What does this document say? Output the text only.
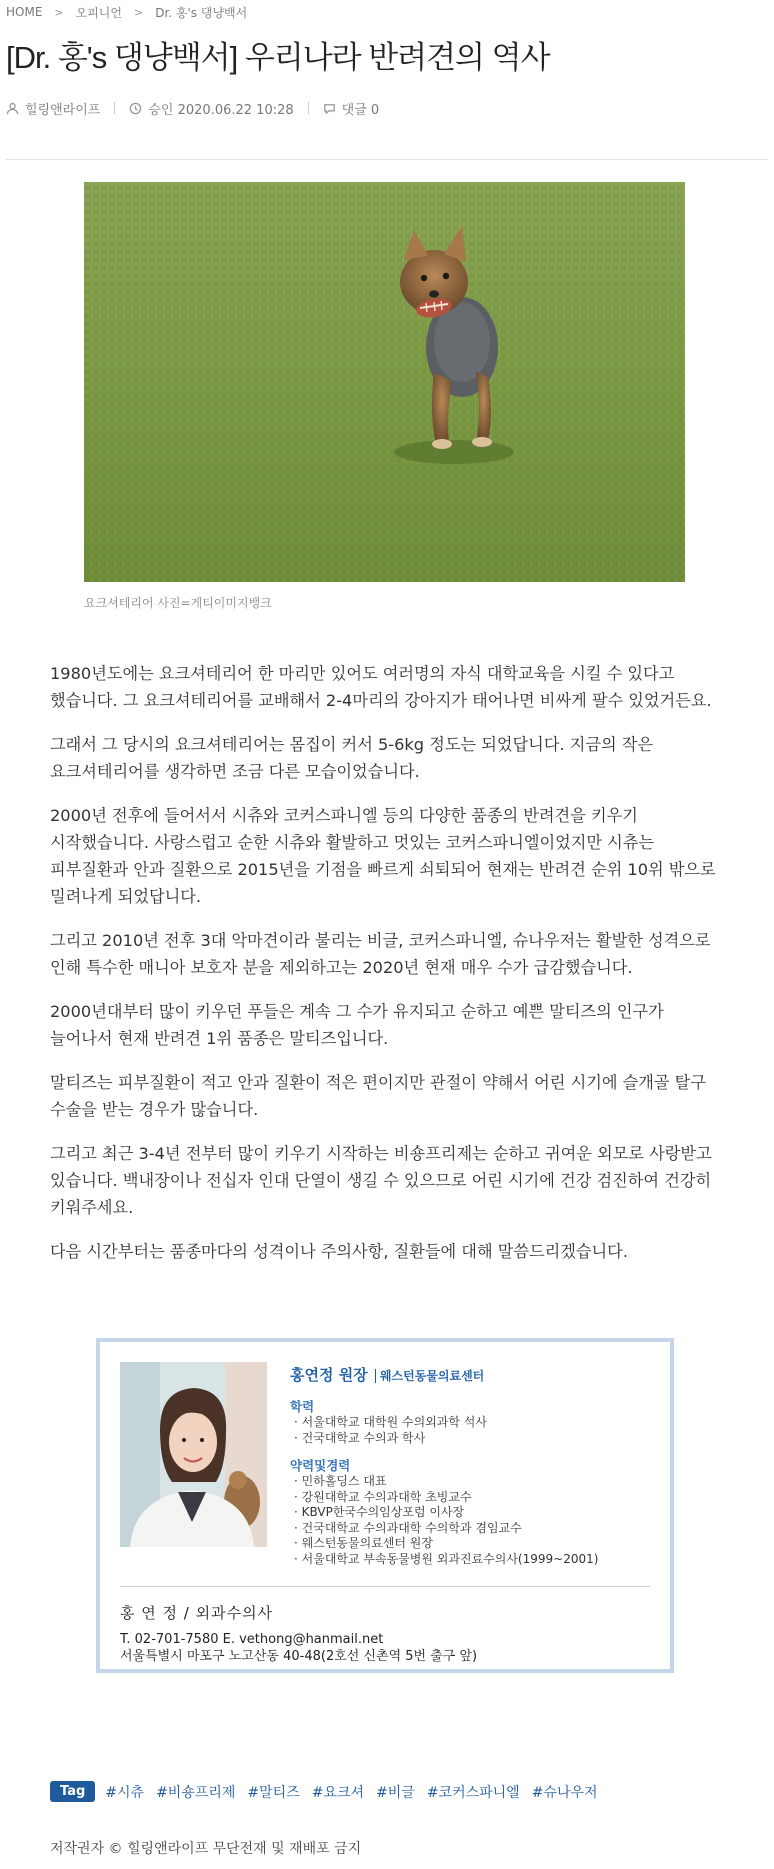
HOME > 오피니언 > Dr. 홍's 댕냥백서
[Dr. 홍's 댕냥백서] 우리나라 반려견의 역사
힐링앤라이프	승인 2020.06.22 10:28	댓글 0
요크셔테리어 사진=게티이미지뱅크

1980년도에는 요크셔테리어 한 마리만 있어도 여러명의 자식 대학교육을 시킬 수 있다고 했습니다. 그 요크셔테리어를 교배해서 2-4마리의 강아지가 태어나면 비싸게 팔수 있었거든요.

그래서 그 당시의 요크셔테리어는 몸집이 커서 5-6kg 정도는 되었답니다. 지금의 작은 요크셔테리어를 생각하면 조금 다른 모습이었습니다.

2000년 전후에 들어서서 시츄와 코커스파니엘 등의 다양한 품종의 반려견을 키우기 시작했습니다. 사랑스럽고 순한 시츄와 활발하고 멋있는 코커스파니엘이었지만 시츄는 피부질환과 안과 질환으로 2015년을 기점을 빠르게 쇠퇴되어 현재는 반려견 순위 10위 밖으로 밀려나게 되었답니다.

그리고 2010년 전후 3대 악마견이라 불리는 비글, 코커스파니엘, 슈나우저는 활발한 성격으로 인해 특수한 매니아 보호자 분을 제외하고는 2020년 현재 매우 수가 급감했습니다.

2000년대부터 많이 키우던 푸들은 계속 그 수가 유지되고 순하고 예쁜 말티즈의 인구가 늘어나서 현재 반려견 1위 품종은 말티즈입니다.

말티즈는 피부질환이 적고 안과 질환이 적은 편이지만 관절이 약해서 어린 시기에 슬개골 탈구 수술을 받는 경우가 많습니다.

그리고 최근 3-4년 전부터 많이 키우기 시작하는 비숑프리제는 순하고 귀여운 외모로 사랑받고 있습니다. 백내장이나 전십자 인대 단열이 생길 수 있으므로 어린 시기에 건강 검진하여 건강히 키워주세요.

다음 시간부터는 품종마다의 성격이나 주의사항, 질환들에 대해 말씀드리겠습니다.

홍연정 원장 웨스턴동물의료센터
학력
· 서울대학교 대학원 수의외과학 석사
· 건국대학교 수의과 학사
약력및경력
· 민하홀딩스 대표
· 강원대학교 수의과대학 초빙교수
· KBVP한국수의임상포럼 이사장
· 건국대학교 수의과대학 수의학과 겸임교수
· 웨스턴동물의료센터 원장
· 서울대학교 부속동물병원 외과진료수의사(1999~2001)
홍 연 정 / 외과수의사
T. 02-701-7580 E. vethong@hanmail.net
서울특별시 마포구 노고산동 40-48(2호선 신촌역 5번 출구 앞)
Tag	#시츄 #비숑프리제 #말티즈 #요크셔 #비글 #코커스파니엘 #슈나우저
저작권자 © 힐링앤라이프 무단전재 및 재배포 금지
